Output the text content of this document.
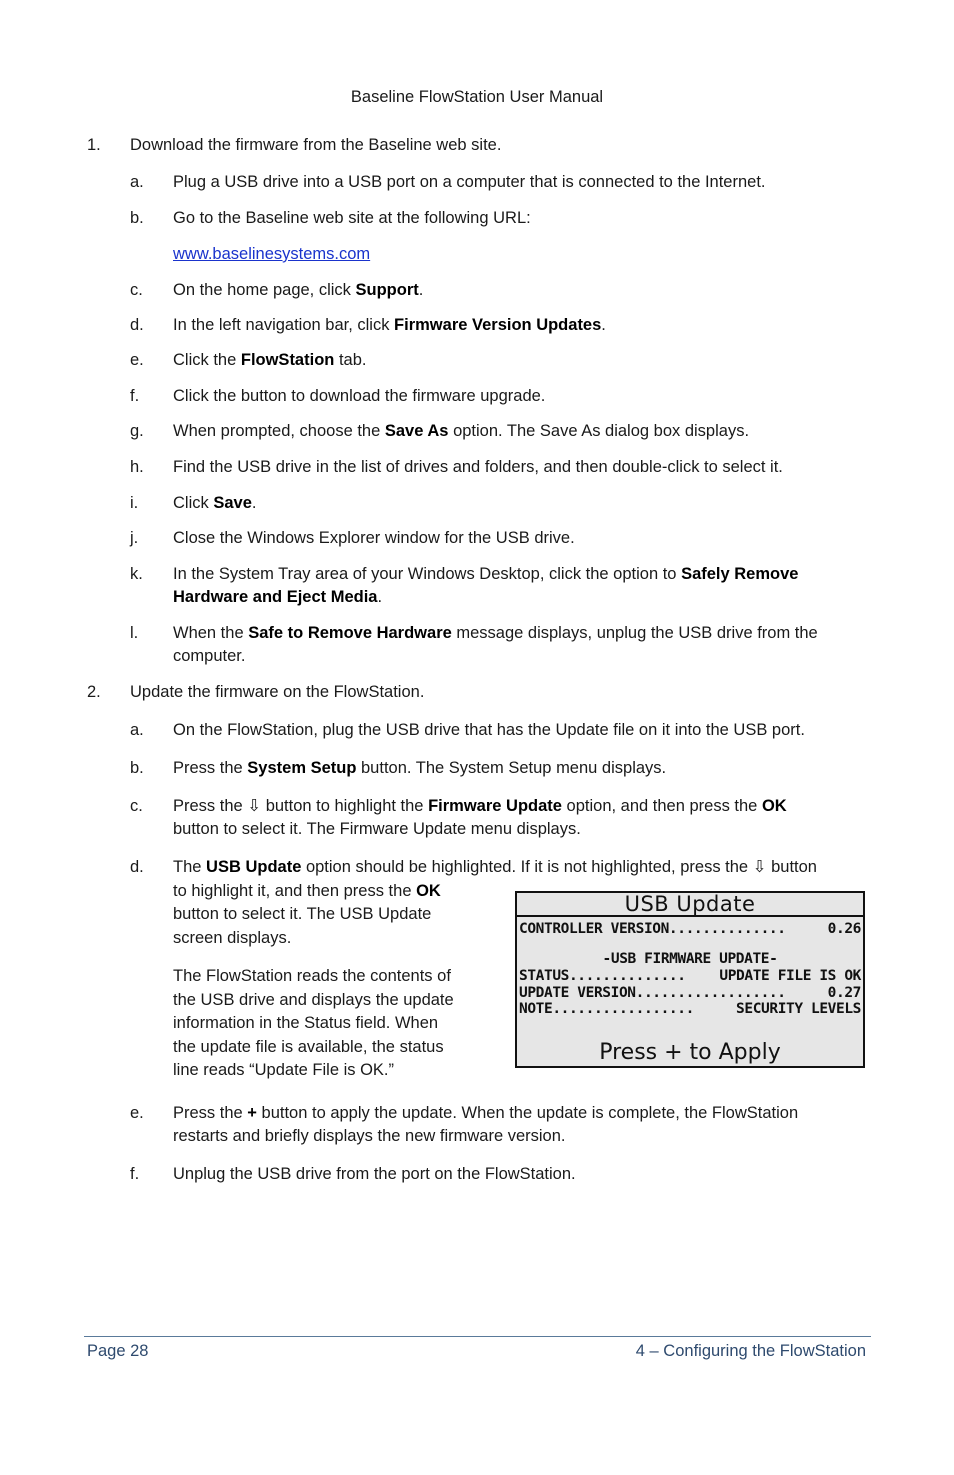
Baseline FlowStation User Manual
1. Download the firmware from the Baseline web site.
a. Plug a USB drive into a USB port on a computer that is connected to the Internet.
b. Go to the Baseline web site at the following URL:
www.baselinesystems.com
c. On the home page, click Support.
d. In the left navigation bar, click Firmware Version Updates.
e. Click the FlowStation tab.
f. Click the button to download the firmware upgrade.
g. When prompted, choose the Save As option. The Save As dialog box displays.
h. Find the USB drive in the list of drives and folders, and then double-click to select it.
i. Click Save.
j. Close the Windows Explorer window for the USB drive.
k. In the System Tray area of your Windows Desktop, click the option to Safely Remove
Hardware and Eject Media.
l. When the Safe to Remove Hardware message displays, unplug the USB drive from the
computer.
2. Update the firmware on the FlowStation.
a. On the FlowStation, plug the USB drive that has the Update file on it into the USB port.
b. Press the System Setup button. The System Setup menu displays.
c. Press the ⇩ button to highlight the Firmware Update option, and then press the OK
button to select it. The Firmware Update menu displays.
d. The USB Update option should be highlighted. If it is not highlighted, press the ⇩ button
to highlight it, and then press the OK
button to select it. The USB Update
screen displays.
The FlowStation reads the contents of
the USB drive and displays the update
information in the Status field. When
the update file is available, the status
line reads “Update File is OK.”
USB Update
CONTROLLER VERSION..............	0.26
-USB FIRMWARE UPDATE-
STATUS.............. UPDATE FILE IS OK
UPDATE VERSION..................	0.27
NOTE.................	SECURITY LEVELS
Press + to Apply
e. Press the + button to apply the update. When the update is complete, the FlowStation
restarts and briefly displays the new firmware version.
f. Unplug the USB drive from the port on the FlowStation.
Page 28	4 – Configuring the FlowStation
